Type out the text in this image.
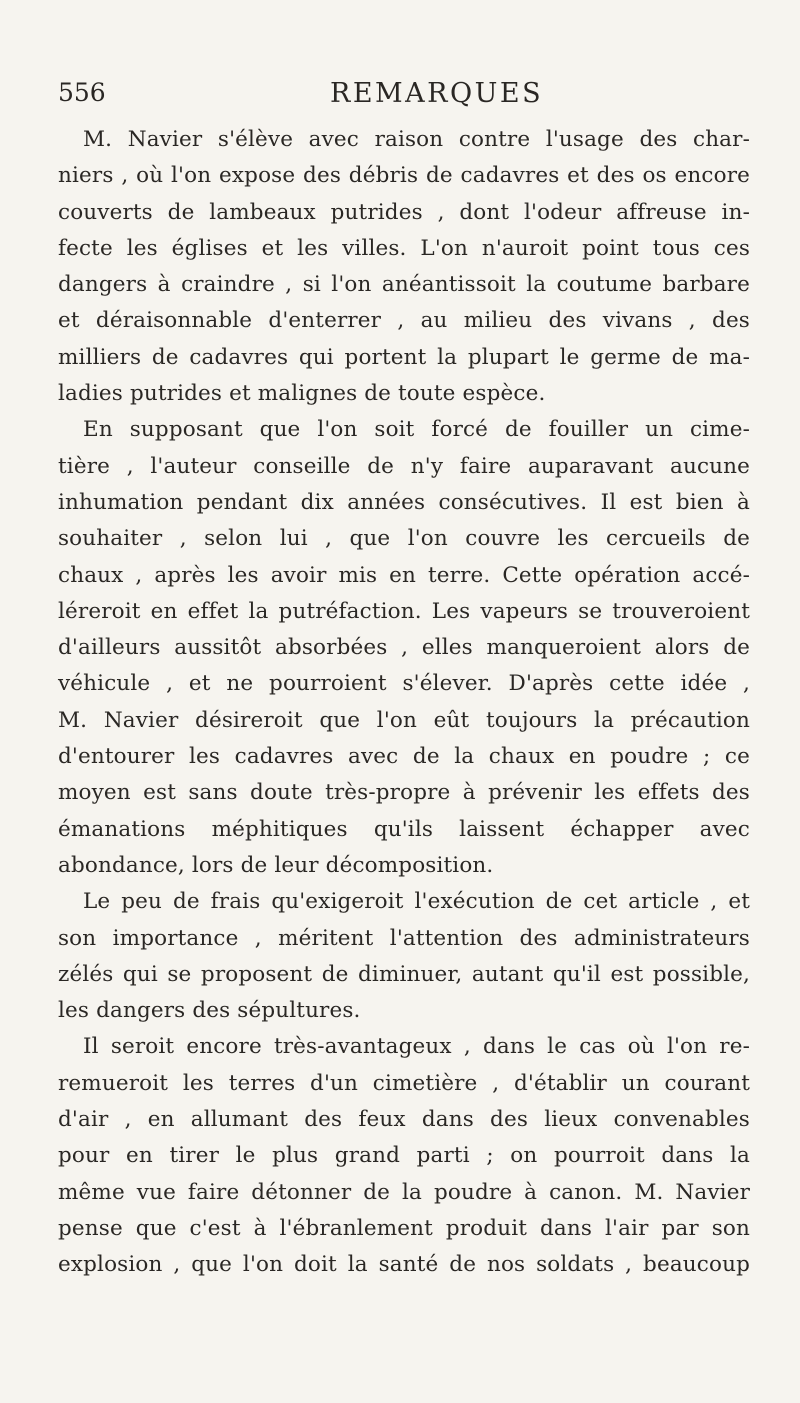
556	REMARQUES
M. Navier s'élève avec raison contre l'usage des char-
niers , où l'on expose des débris de cadavres et des os encore
couverts de lambeaux putrides , dont l'odeur affreuse in-
fecte les églises et les villes. L'on n'auroit point tous ces
dangers à craindre , si l'on anéantissoit la coutume barbare
et déraisonnable d'enterrer , au milieu des vivans , des
milliers de cadavres qui portent la plupart le germe de ma-
ladies putrides et malignes de toute espèce.
En supposant que l'on soit forcé de fouiller un cime-
tière , l'auteur conseille de n'y faire auparavant aucune
inhumation pendant dix années consécutives. Il est bien à
souhaiter , selon lui , que l'on couvre les cercueils de
chaux , après les avoir mis en terre. Cette opération accé-
léreroit en effet la putréfaction. Les vapeurs se trouveroient
d'ailleurs aussitôt absorbées , elles manqueroient alors de
véhicule , et ne pourroient s'élever. D'après cette idée ,
M. Navier désireroit que l'on eût toujours la précaution
d'entourer les cadavres avec de la chaux en poudre ; ce
moyen est sans doute très-propre à prévenir les effets des
émanations méphitiques qu'ils laissent échapper avec
abondance, lors de leur décomposition.
Le peu de frais qu'exigeroit l'exécution de cet article , et
son importance , méritent l'attention des administrateurs
zélés qui se proposent de diminuer, autant qu'il est possible,
les dangers des sépultures.
Il seroit encore très-avantageux , dans le cas où l'on re-
remueroit les terres d'un cimetière , d'établir un courant
d'air , en allumant des feux dans des lieux convenables
pour en tirer le plus grand parti ; on pourroit dans la
même vue faire détonner de la poudre à canon. M. Navier
pense que c'est à l'ébranlement produit dans l'air par son
explosion , que l'on doit la santé de nos soldats , beaucoup
